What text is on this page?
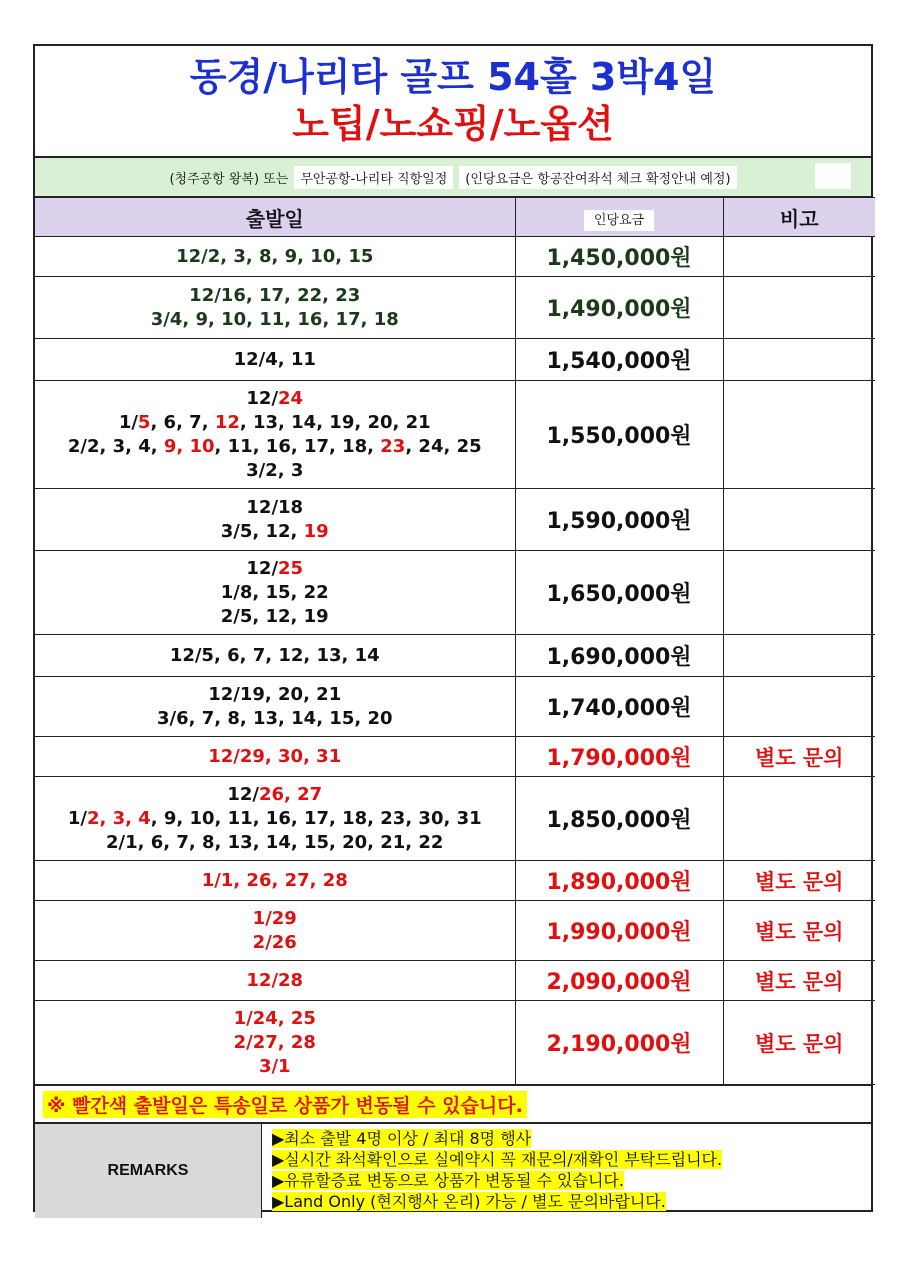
동경/나리타 골프 54홀 3박4일
노팁/노쇼핑/노옵션
(청주공항 왕복) 또는 무안공항-나리타 직항일정	(인당요금은 항공잔여좌석 체크 확정안내 예정)
출발일	인당요금	비고

12/2, 3, 8, 9, 10, 15	1,450,000원	

12/16, 17, 22, 23
3/4, 9, 10, 11, 16, 17, 18	1,490,000원	

12/4, 11	1,540,000원	

12/24
1/5, 6, 7, 12, 13, 14, 19, 20, 21
2/2, 3, 4, 9, 10, 11, 16, 17, 18, 23, 24, 25
3/2, 3	1,550,000원	

12/18
3/5, 12, 19	1,590,000원	

12/25
1/8, 15, 22
2/5, 12, 19	1,650,000원	

12/5, 6, 7, 12, 13, 14	1,690,000원	

12/19, 20, 21
3/6, 7, 8, 13, 14, 15, 20	1,740,000원	

12/29, 30, 31	1,790,000원	별도 문의

12/26, 27
1/2, 3, 4, 9, 10, 11, 16, 17, 18, 23, 30, 31
2/1, 6, 7, 8, 13, 14, 15, 20, 21, 22	1,850,000원	

1/1, 26, 27, 28	1,890,000원	별도 문의

1/29
2/26	1,990,000원	별도 문의

12/28	2,090,000원	별도 문의

1/24, 25
2/27, 28
3/1	2,190,000원	별도 문의
※ 빨간색 출발일은 특송일로 상품가 변동될 수 있습니다.
REMARKS
▶최소 출발 4명 이상 / 최대 8명 행사
▶실시간 좌석확인으로 실예약시 꼭 재문의/재확인 부탁드립니다.
▶유류할증료 변동으로 상품가 변동될 수 있습니다.
▶Land Only (현지행사 온리) 가능 / 별도 문의바랍니다.
